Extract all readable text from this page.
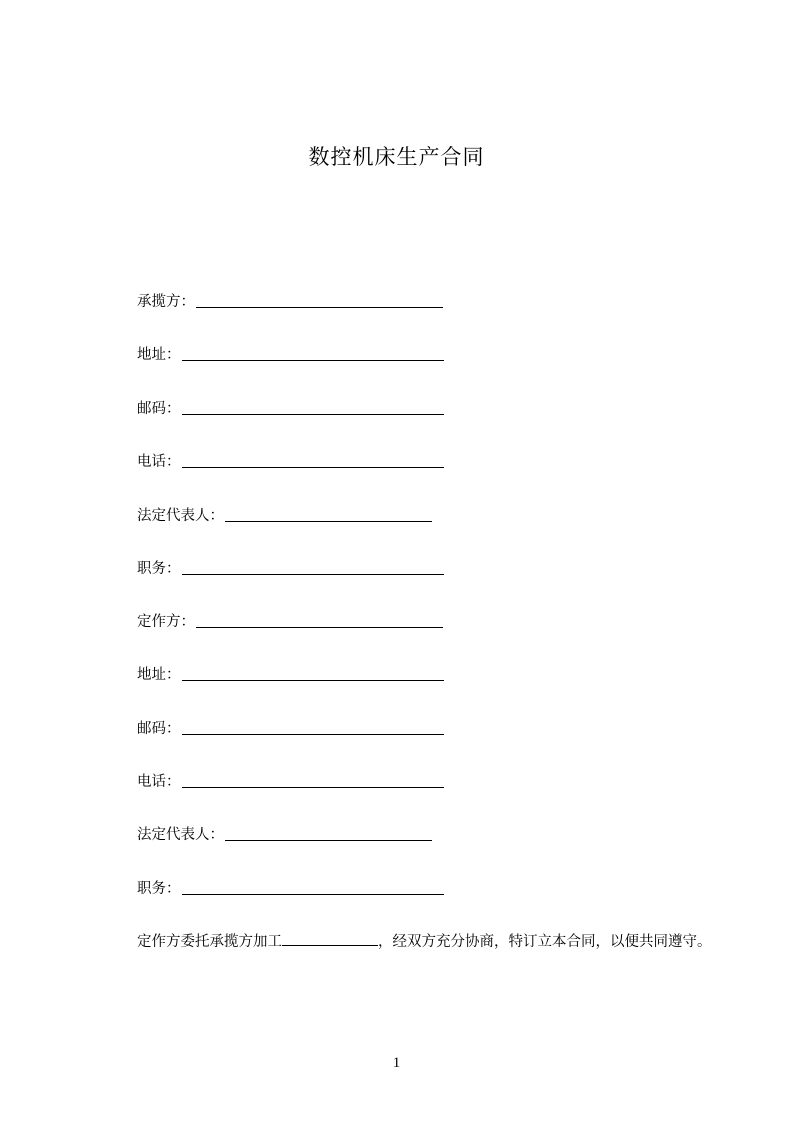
数控机床生产合同
承揽方：
地址：
邮码：
电话：
法定代表人：
职务：
定作方：
地址：
邮码：
电话：
法定代表人：
职务：
定作方委托承揽方加工	，经双方充分协商，特订立本合同，以便共同遵守。
1
